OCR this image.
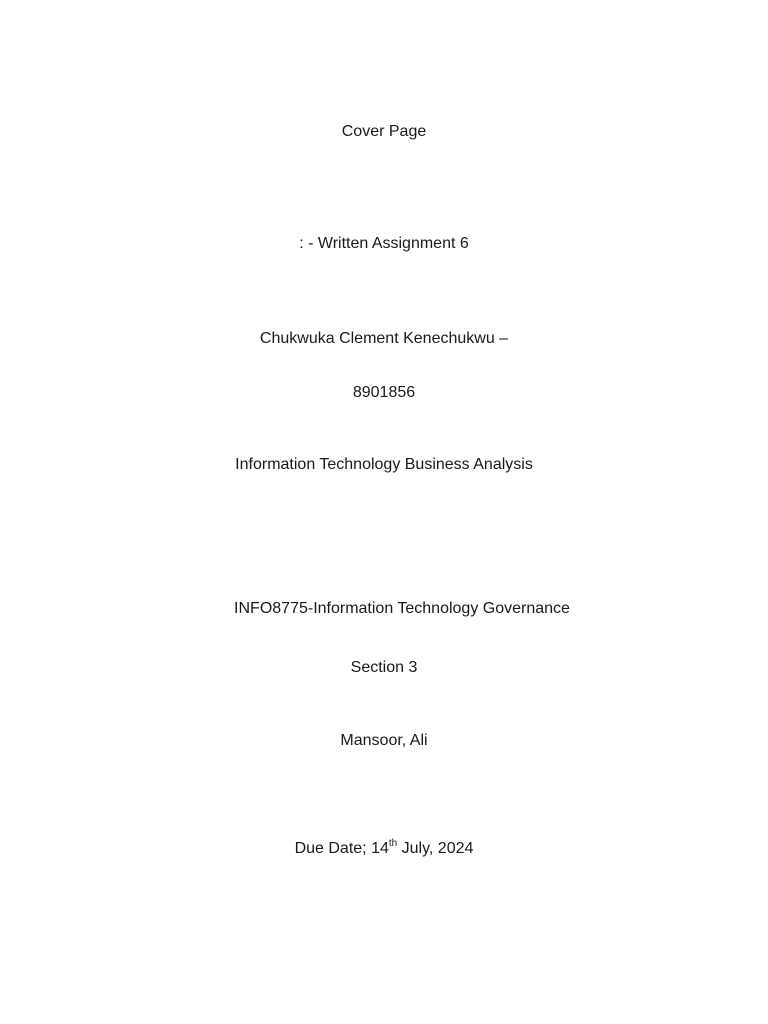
Cover Page
: - Written Assignment 6
Chukwuka Clement Kenechukwu –
8901856
Information Technology Business Analysis
INFO8775-Information Technology Governance
Section 3
Mansoor, Ali
Due Date; 14th July, 2024
